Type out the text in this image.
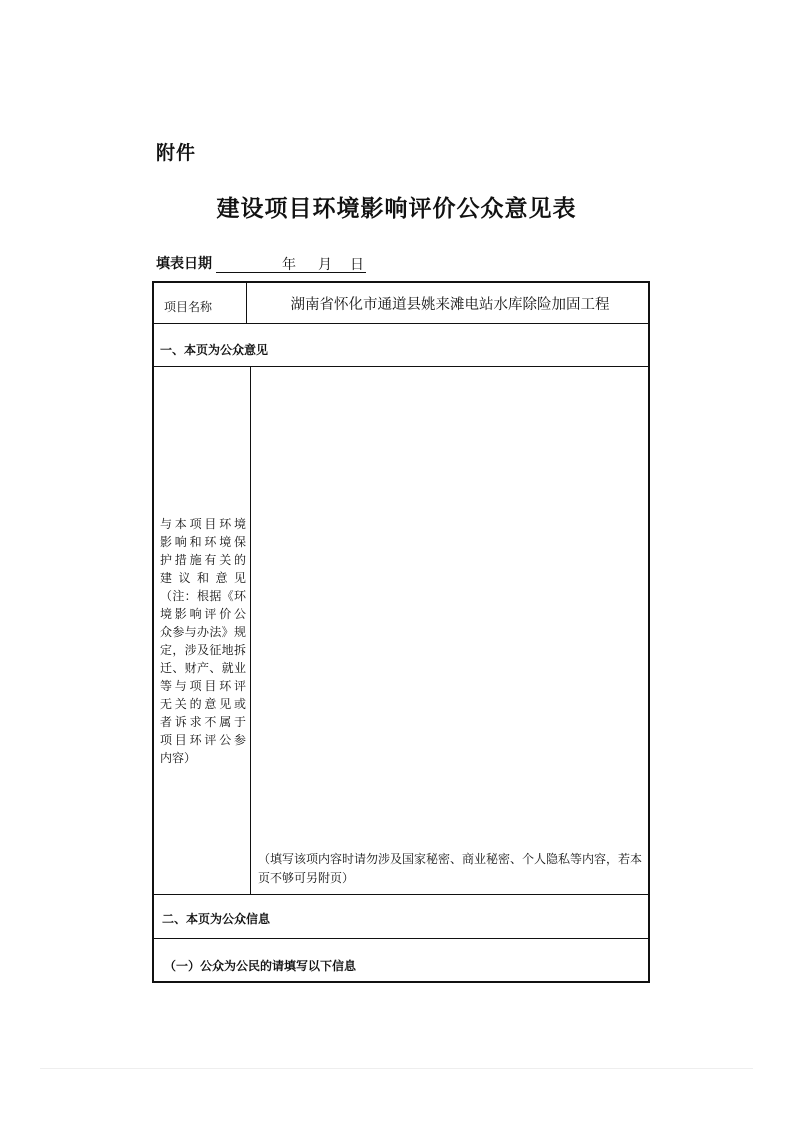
附件
建设项目环境影响评价公众意见表
填表日期	年 月 日
项目名称	湖南省怀化市通道县姚来滩电站水库除险加固工程
一、本页为公众意见
与本项目环境
影响和环境保
护措施有关的
建议和意见
（注：根据《环
境影响评价公
众参与办法》规
定，涉及征地拆
迁、财产、就业
等与项目环评
无关的意见或
者诉求不属于
项目环评公参
内容）
（填写该项内容时请勿涉及国家秘密、商业秘密、个人隐私等内容，若本页不够可另附页）
二、本页为公众信息
（一）公众为公民的请填写以下信息
